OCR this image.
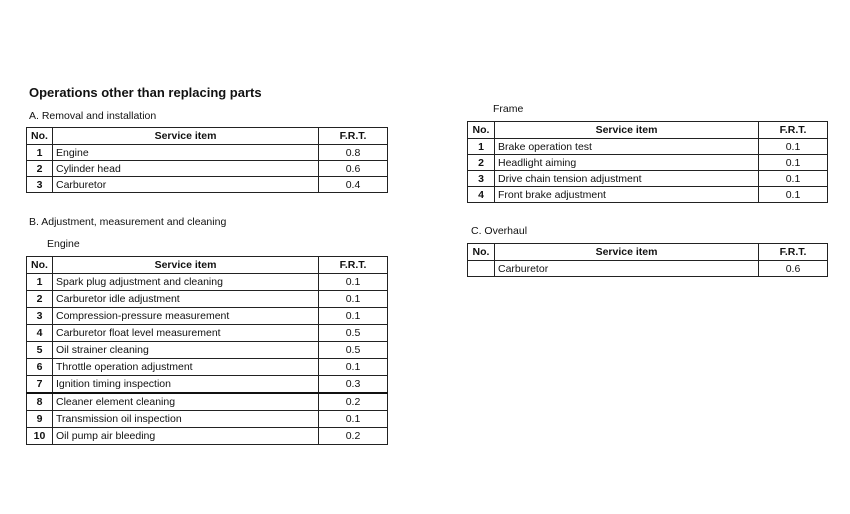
Operations other than replacing parts
A. Removal and installation
No.	Service item	F.R.T.
1	Engine	0.8
2	Cylinder head	0.6
3	Carburetor	0.4
B. Adjustment, measurement and cleaning
Engine
No.	Service item	F.R.T.
1	Spark plug adjustment and cleaning	0.1
2	Carburetor idle adjustment	0.1
3	Compression-pressure measurement	0.1
4	Carburetor float level measurement	0.5
5	Oil strainer cleaning	0.5
6	Throttle operation adjustment	0.1
7	Ignition timing inspection	0.3
8	Cleaner element cleaning	0.2
9	Transmission oil inspection	0.1
10	Oil pump air bleeding	0.2
Frame
No.	Service item	F.R.T.
1	Brake operation test	0.1
2	Headlight aiming	0.1
3	Drive chain tension adjustment	0.1
4	Front brake adjustment	0.1
C. Overhaul
No.	Service item	F.R.T.
	Carburetor	0.6
